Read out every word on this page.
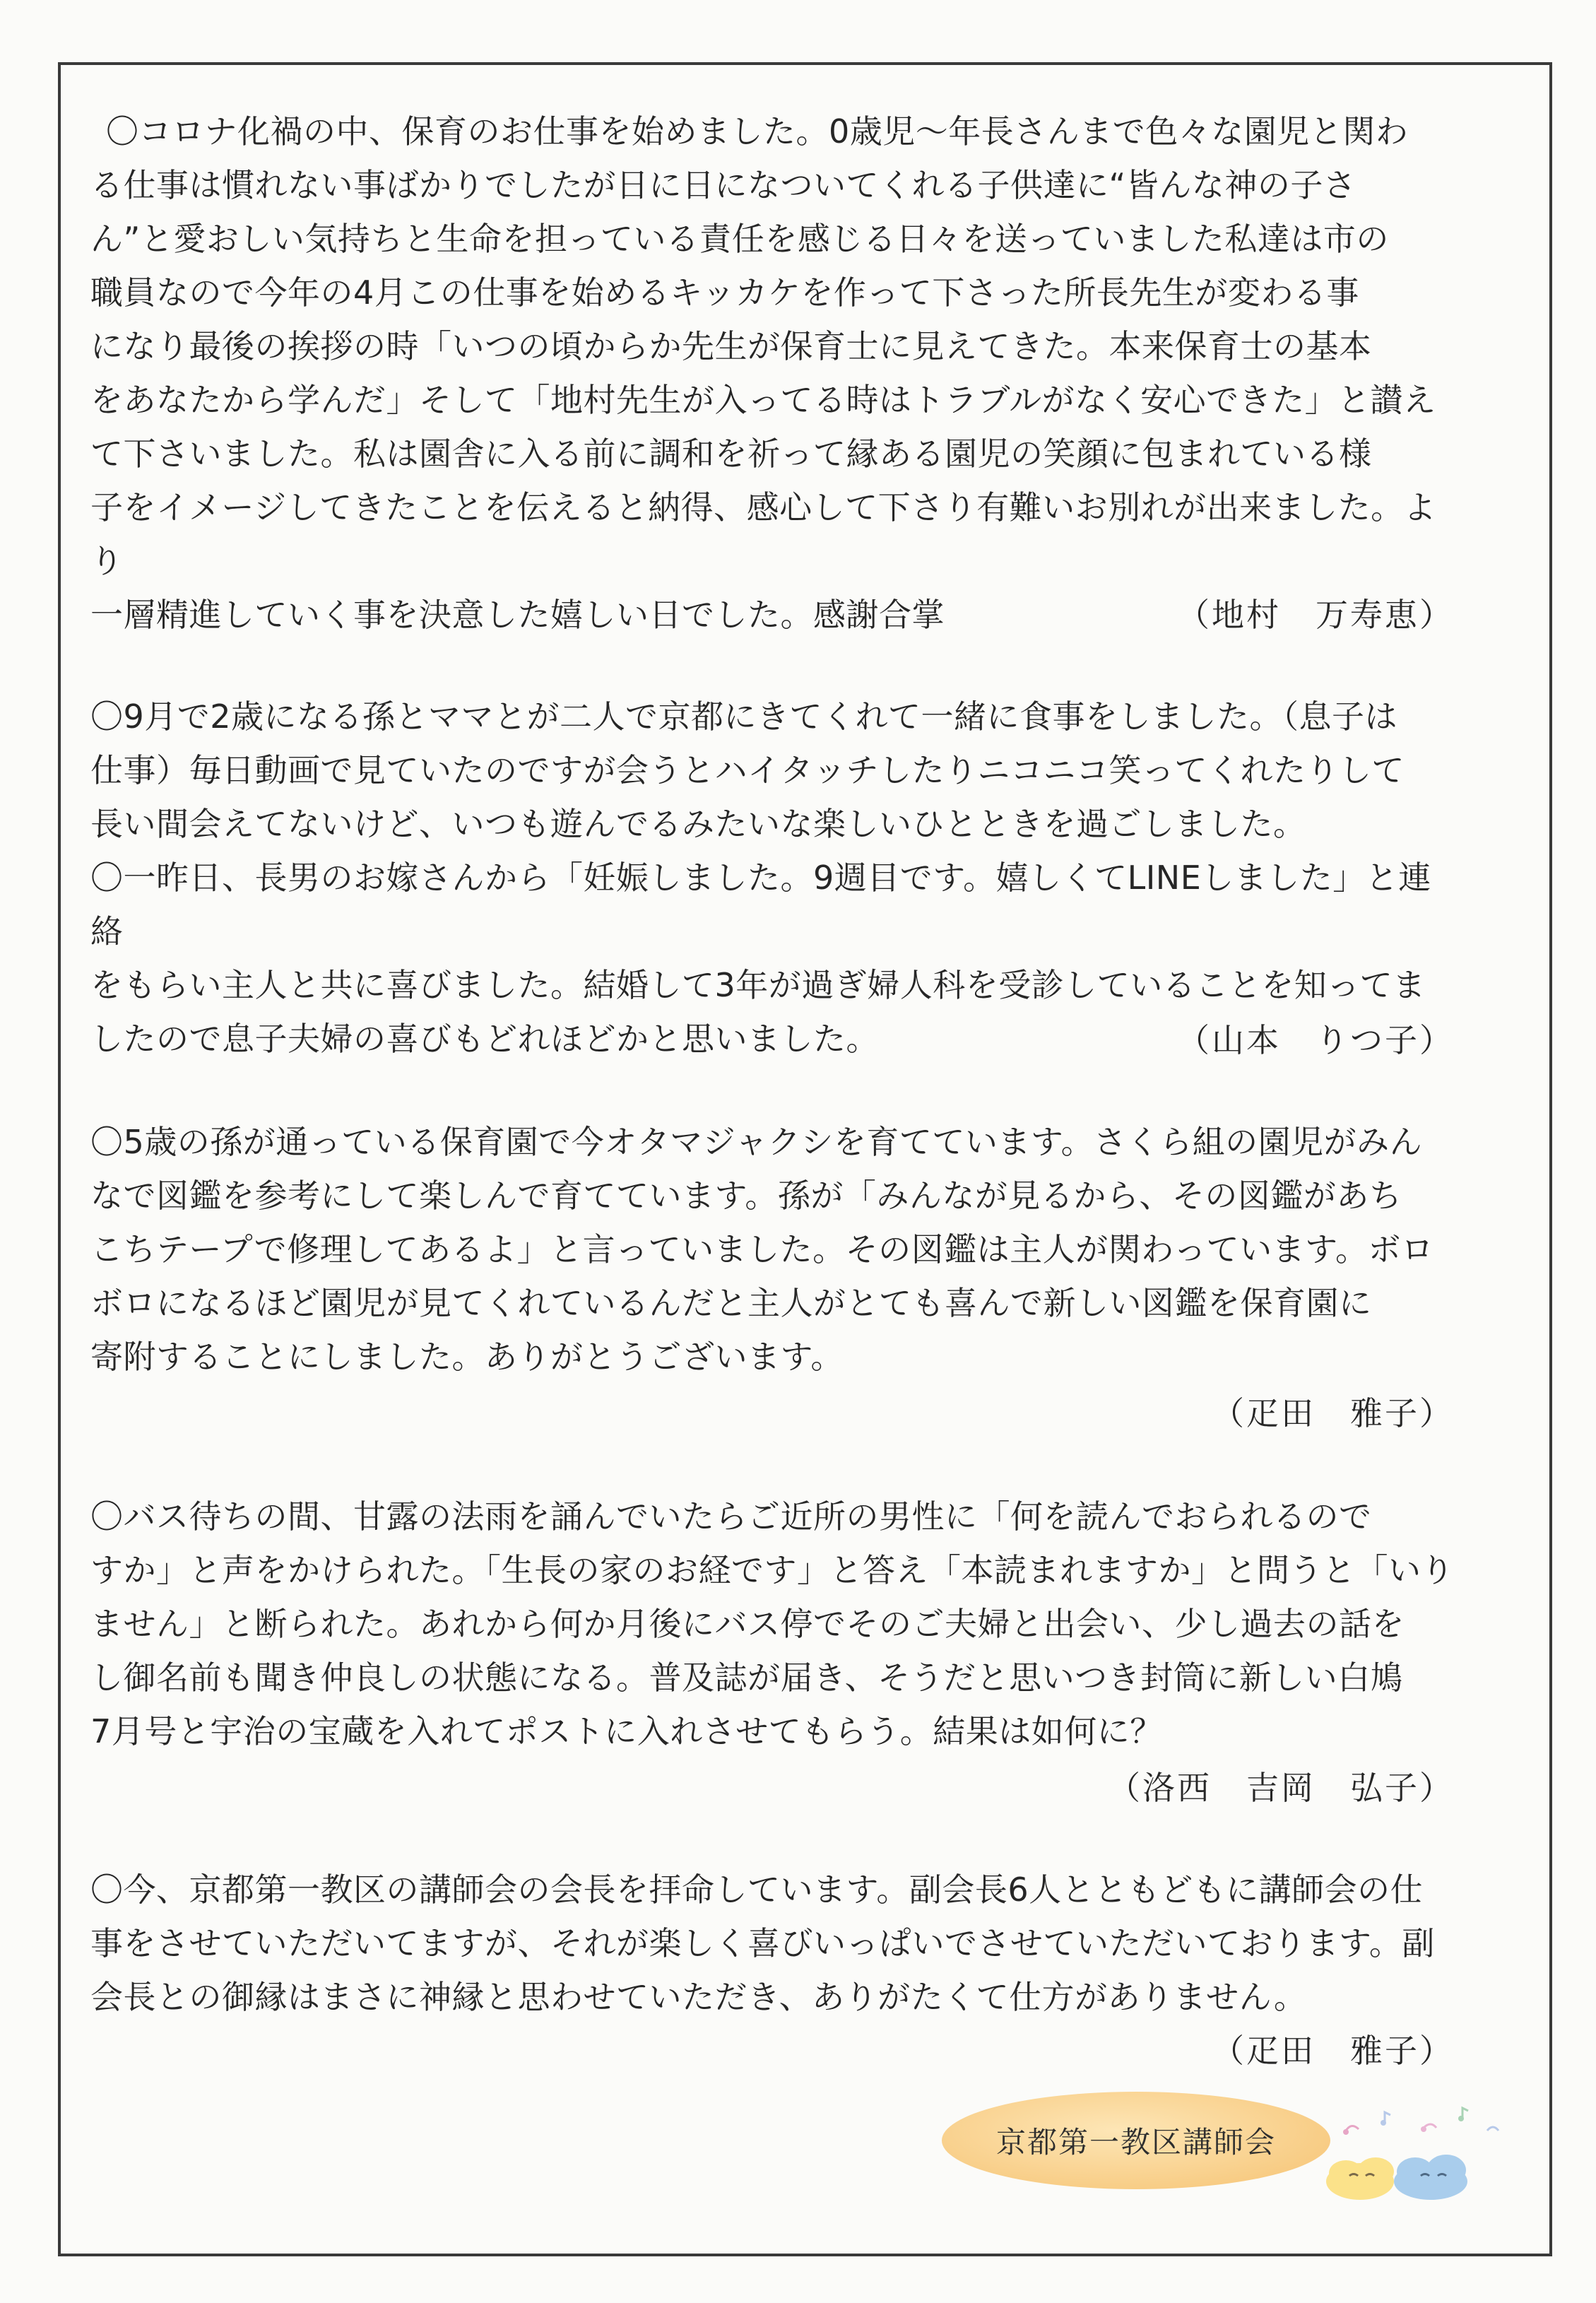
〇コロナ化禍の中、保育のお仕事を始めました。0歳児～年長さんまで色々な園児と関わ

る仕事は慣れない事ばかりでしたが日に日になついてくれる子供達に“皆んな神の子さ

ん”と愛おしい気持ちと生命を担っている責任を感じる日々を送っていました私達は市の

職員なので今年の4月この仕事を始めるキッカケを作って下さった所長先生が変わる事

になり最後の挨拶の時「いつの頃からか先生が保育士に見えてきた。本来保育士の基本

をあなたから学んだ」そして「地村先生が入ってる時はトラブルがなく安心できた」と讃え

て下さいました。私は園舎に入る前に調和を祈って縁ある園児の笑顔に包まれている様

子をイメージしてきたことを伝えると納得、感心して下さり有難いお別れが出来ました。より

一層精進していく事を決意した嬉しい日でした。感謝合掌	（地村　万寿恵）

〇9月で2歳になる孫とママとが二人で京都にきてくれて一緒に食事をしました。（息子は

仕事）毎日動画で見ていたのですが会うとハイタッチしたりニコニコ笑ってくれたりして

長い間会えてないけど、いつも遊んでるみたいな楽しいひとときを過ごしました。

〇一昨日、長男のお嫁さんから「妊娠しました。9週目です。嬉しくてLINEしました」と連絡

をもらい主人と共に喜びました。結婚して3年が過ぎ婦人科を受診していることを知ってま

したので息子夫婦の喜びもどれほどかと思いました。	（山本　りつ子）

〇5歳の孫が通っている保育園で今オタマジャクシを育てています。さくら組の園児がみん

なで図鑑を参考にして楽しんで育てています。孫が「みんなが見るから、その図鑑があち

こちテープで修理してあるよ」と言っていました。その図鑑は主人が関わっています。ボロ

ボロになるほど園児が見てくれているんだと主人がとても喜んで新しい図鑑を保育園に

寄附することにしました。ありがとうございます。

（疋田　雅子）

〇バス待ちの間、甘露の法雨を誦んでいたらご近所の男性に「何を読んでおられるので

すか」と声をかけられた。「生長の家のお経です」と答え「本読まれますか」と問うと「いり

ません」と断られた。あれから何か月後にバス停でそのご夫婦と出会い、少し過去の話を

し御名前も聞き仲良しの状態になる。普及誌が届き、そうだと思いつき封筒に新しい白鳩

7月号と宇治の宝蔵を入れてポストに入れさせてもらう。結果は如何に？

（洛西　吉岡　弘子）

〇今、京都第一教区の講師会の会長を拝命しています。副会長6人とともどもに講師会の仕

事をさせていただいてますが、それが楽しく喜びいっぱいでさせていただいております。副

会長との御縁はまさに神縁と思わせていただき、ありがたくて仕方がありません。

（疋田　雅子）
京都第一教区講師会
